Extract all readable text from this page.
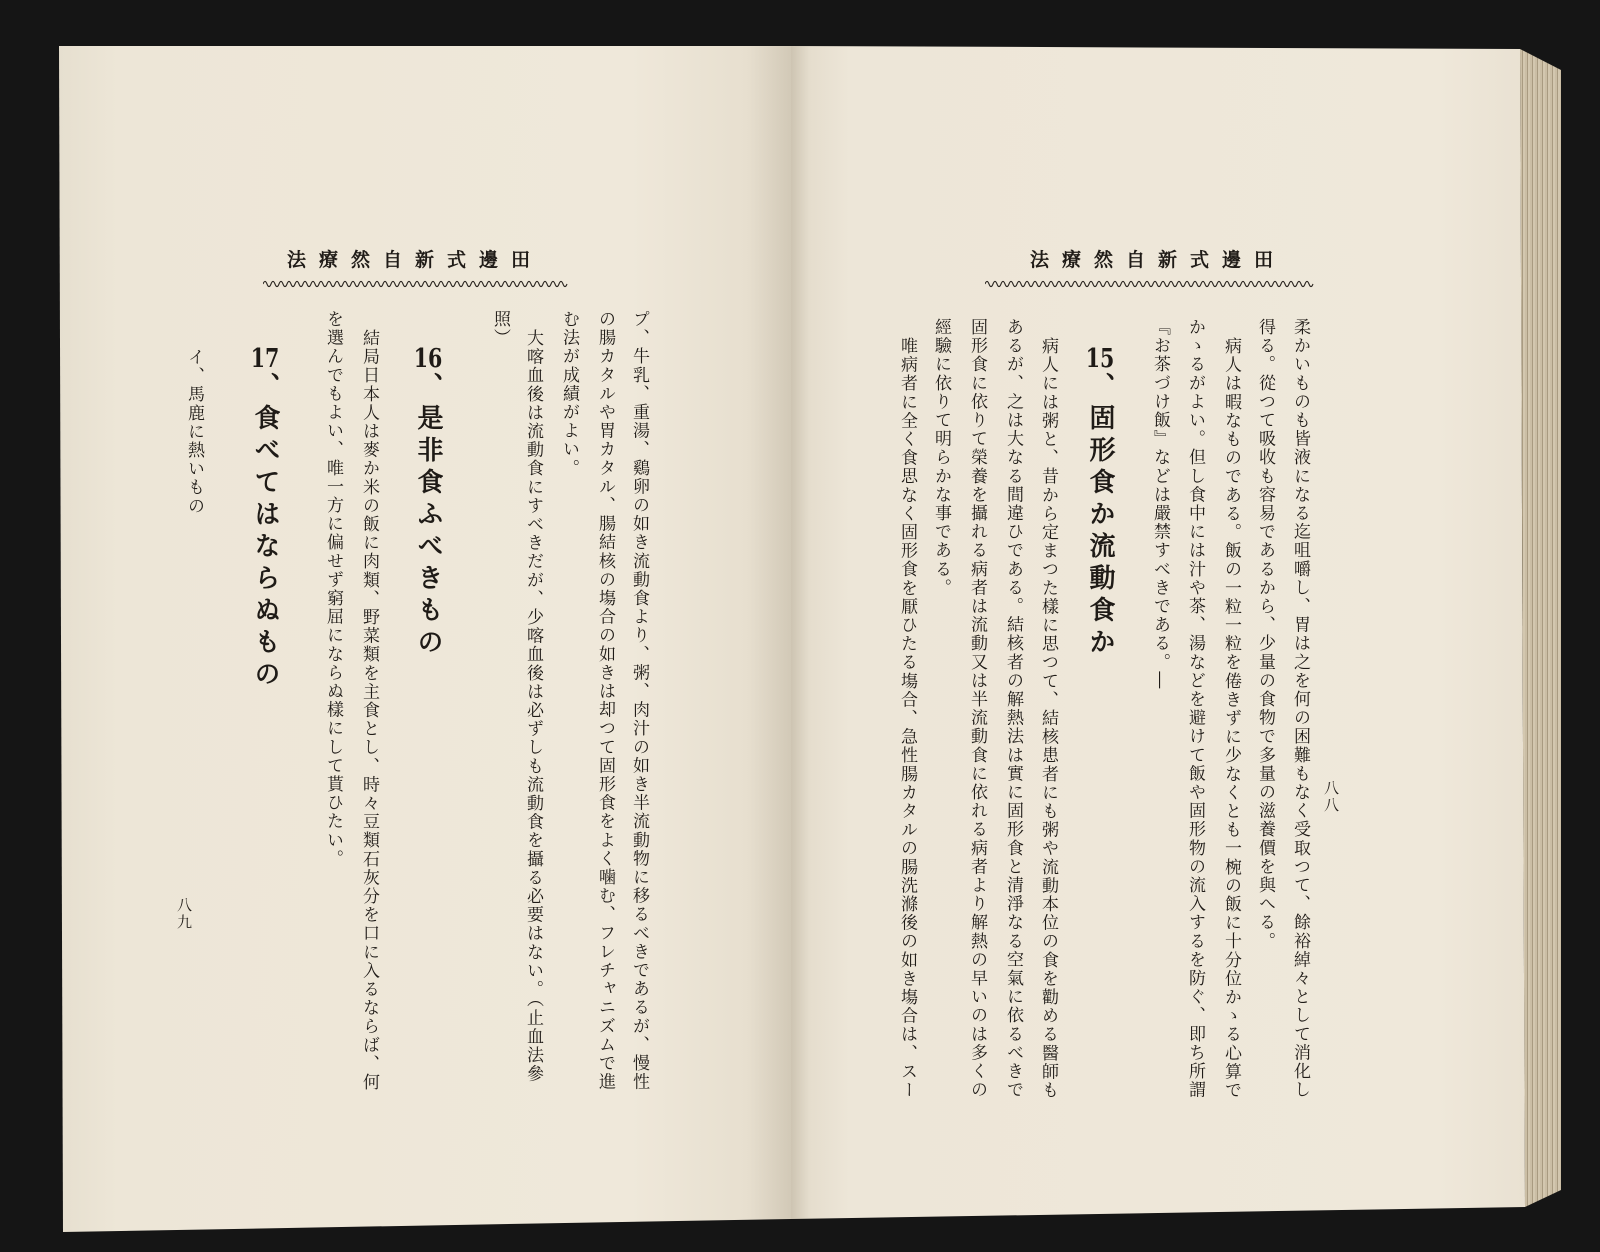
田邊式新自然療法
柔かいものも皆液になる迄咀嚼し、胃は之を何の困難もなく受取つて、餘裕綽々として消化し
得る。從つて吸收も容易であるから、少量の食物で多量の滋養價を與へる。
病人は暇なものである。飯の一粒一粒を倦きずに少なくとも一椀の飯に十分位かゝる心算で
かゝるがよい。但し食中には汁や茶、湯などを避けて飯や固形物の流入するを防ぐ、即ち所謂
『お茶づけ飯』などは嚴禁すべきである。―
15、固形食か流動食か
病人には粥と、昔から定まつた樣に思つて、結核患者にも粥や流動本位の食を勸める醫師も
あるが、之は大なる間違ひである。結核者の解熱法は實に固形食と清淨なる空氣に依るべきで
固形食に依りて榮養を攝れる病者は流動又は半流動食に依れる病者より解熱の早いのは多くの
經驗に依りて明らかな事である。
唯病者に全く食思なく固形食を厭ひたる塲合、急性腸カタルの腸洗滌後の如き塲合は、スー	八八
田邊式新自然療法
プ、牛乳、重湯、鷄卵の如き流動食より、粥、肉汁の如き半流動物に移るべきであるが、慢性
の腸カタルや胃カタル、腸結核の塲合の如きは却つて固形食をよく噛む、フレチャニズムで進
む法が成績がよい。
大喀血後は流動食にすべきだが、少喀血後は必ずしも流動食を攝る必要はない。（止血法參
照）
16、是非食ふべきもの
結局日本人は麥か米の飯に肉類、野菜類を主食とし、時々豆類石灰分を口に入るならば、何
を選んでもよい、唯一方に偏せず窮屈にならぬ樣にして貰ひたい。
17、食べてはならぬもの
イ、馬鹿に熱いもの
八九
